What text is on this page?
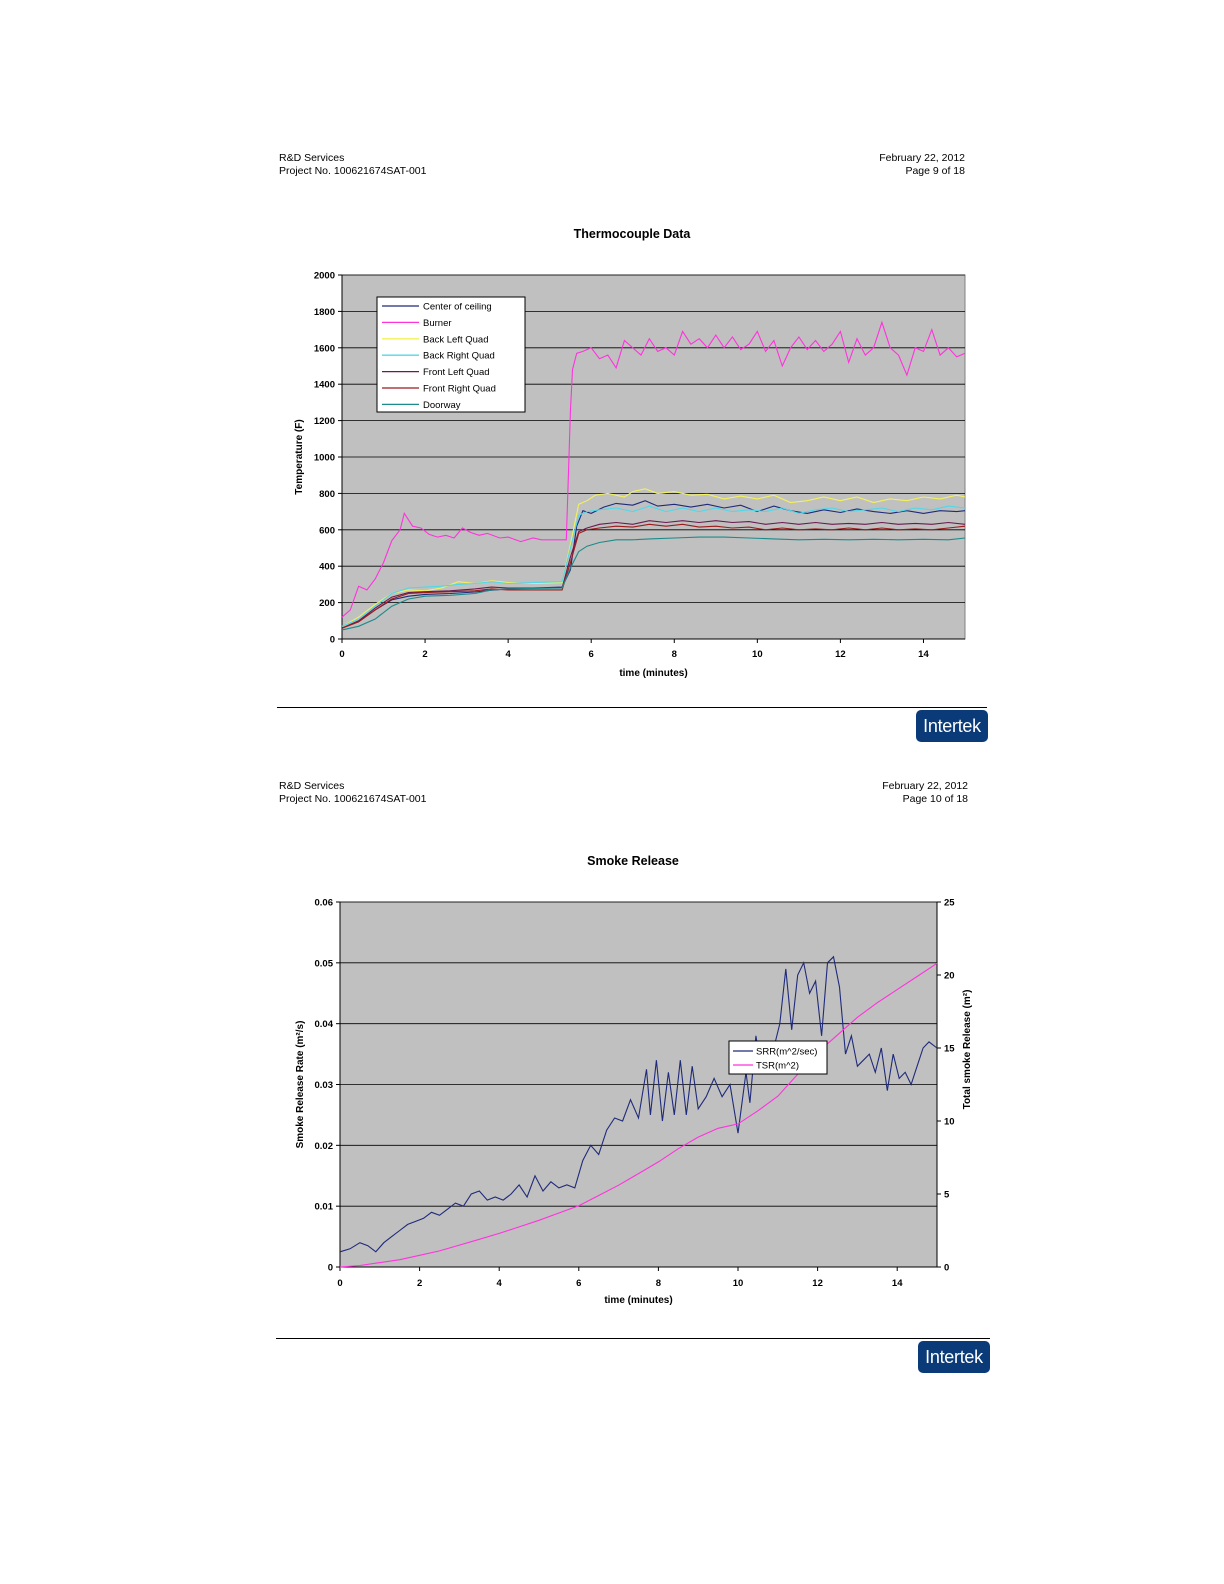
R&D Services
Project No. 100621674SAT-001
February 22, 2012
Page 9 of 18
Thermocouple Data
0
200
400
600
800
1000
1200
1400
1600
1800
2000
0	2	4	6	8	10	12	14
time (minutes)
Temperature (F)
Center of ceiling
Burner
Back Left Quad
Back Right Quad
Front Left Quad
Front Right Quad
Doorway
Intertek
R&D Services
Project No. 100621674SAT-001
February 22, 2012
Page 10 of 18
Smoke Release
0
0.01
0.02
0.03
0.04
0.05
0.06
0
5
10
15
20
25
0	2	4	6	8	10	12	14
time (minutes)
Smoke Release Rate (m²/s)	Total smoke Release (m²)
SRR(m^2/sec)
TSR(m^2)
Intertek
